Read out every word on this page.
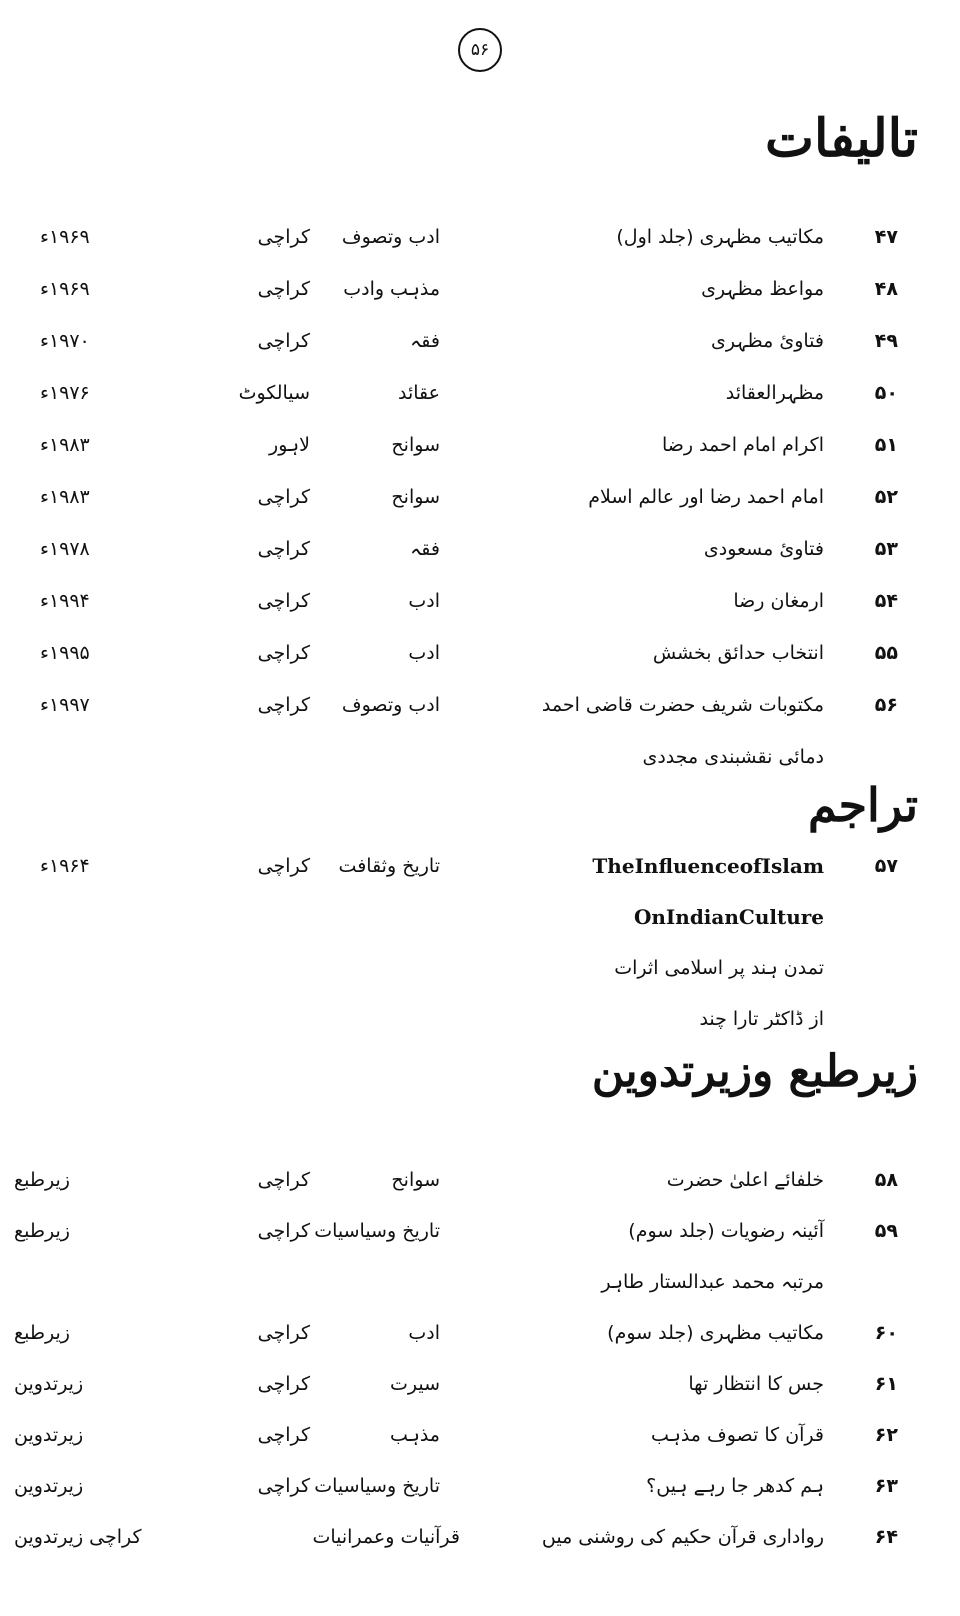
۵۶
تالیفات
۴۷
مکاتیب مظہری (جلد اول)
ادب وتصوف
کراچی
۱۹۶۹ء
۴۸
مواعظ مظہری
مذہب وادب
کراچی
۱۹۶۹ء
۴۹
فتاوئ مظہری
فقہ
کراچی
۱۹۷۰ء
۵۰
مظہرالعقائد
عقائد
سیالکوٹ
۱۹۷۶ء
۵۱
اکرام امام احمد رضا
سوانح
لاہور
۱۹۸۳ء
۵۲
امام احمد رضا اور عالم اسلام
سوانح
کراچی
۱۹۸۳ء
۵۳
فتاوئ مسعودی
فقہ
کراچی
۱۹۷۸ء
۵۴
ارمغان رضا
ادب
کراچی
۱۹۹۴ء
۵۵
انتخاب حدائق بخشش
ادب
کراچی
۱۹۹۵ء
۵۶
مکتوبات شریف حضرت قاضی احمد
ادب وتصوف
کراچی
۱۹۹۷ء
دمائی نقشبندی مجددی
تراجم
۵۷
TheInfluenceofIslam
تاریخ وثقافت
کراچی
۱۹۶۴ء
OnIndianCulture
تمدن ہند پر اسلامی اثرات
از ڈاکٹر تارا چند
زیرطبع وزیرتدوین
۵۸
خلفائے اعلیٰ حضرت
سوانح
کراچی
زیرطبع
۵۹
آئینہ رضویات (جلد سوم)
تاریخ وسیاسیات
کراچی
زیرطبع
مرتبہ محمد عبدالستار طاہر
۶۰
مکاتیب مظہری (جلد سوم)
ادب
کراچی
زیرطبع
۶۱
جس کا انتظار تھا
سیرت
کراچی
زیرتدوین
۶۲
قرآن کا تصوف مذہب
مذہب
کراچی
زیرتدوین
۶۳
ہم کدھر جا رہے ہیں؟
تاریخ وسیاسیات
کراچی
زیرتدوین
۶۴
رواداری قرآن حکیم کی روشنی میں
قرآنیات وعمرانیات
کراچی زیرتدوین
